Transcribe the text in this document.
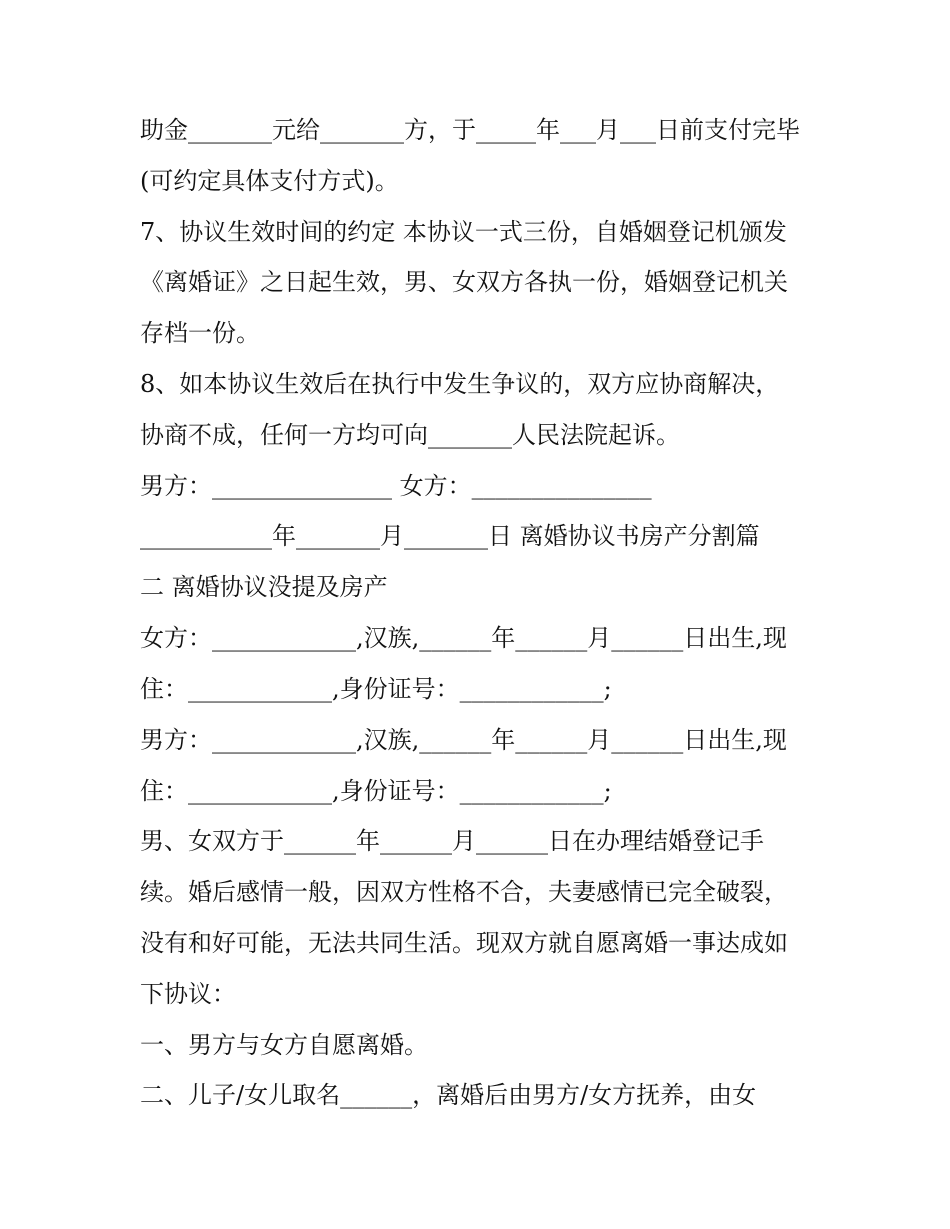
助金_______元给_______方，于_____年___月___日前支付完毕

(可约定具体支付方式)。

7、协议生效时间的约定 本协议一式三份，自婚姻登记机颁发

《离婚证》之日起生效，男、女双方各执一份，婚姻登记机关

存档一份。

8、如本协议生效后在执行中发生争议的，双方应协商解决，

协商不成，任何一方均可向_______人民法院起诉。

男方：_______________ 女方：_______________

___________年_______月_______日 离婚协议书房产分割篇

二 离婚协议没提及房产

女方：____________,汉族,______年______月______日出生,现

住：____________,身份证号：____________;

男方：____________,汉族,______年______月______日出生,现

住：____________,身份证号：____________;

男、女双方于______年______月______日在办理结婚登记手

续。婚后感情一般，因双方性格不合，夫妻感情已完全破裂，

没有和好可能，无法共同生活。现双方就自愿离婚一事达成如

下协议：

一、男方与女方自愿离婚。

二、儿子/女儿取名______，离婚后由男方/女方抚养，由女
